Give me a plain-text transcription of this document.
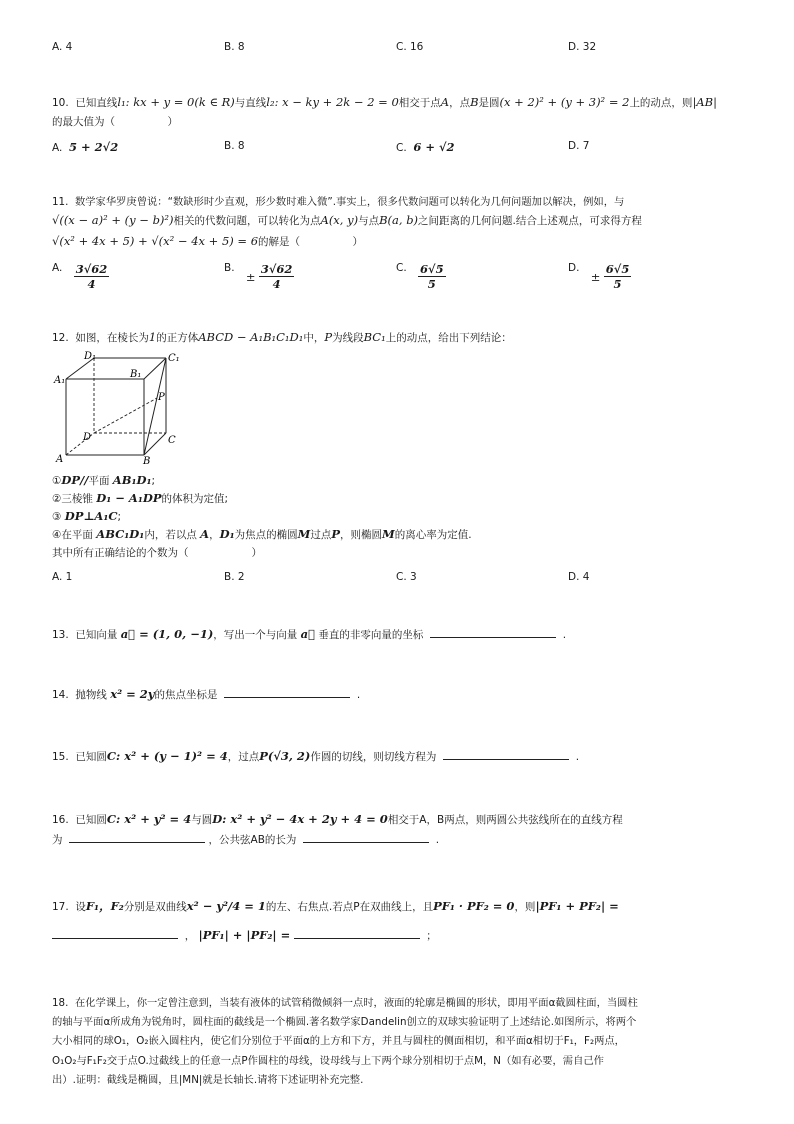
A. 4	B. 8	C. 16	D. 32
10. 已知直线l₁: kx + y = 0(k ∈ R)与直线l₂: x − ky + 2k − 2 = 0相交于点A，点B是圆(x + 2)² + (y + 3)² = 2上的动点，则|AB|
的最大值为（　　　　　）
A. 5 + 2√2	B. 8	C. 6 + √2	D. 7
11. 数学家华罗庚曾说：“数缺形时少直观，形少数时难入微”.事实上，很多代数问题可以转化为几何问题加以解决，例如，与
√((x − a)² + (y − b)²)相关的代数问题，可以转化为点A(x, y)与点B(a, b)之间距离的几何问题.结合上述观点，可求得方程
√(x² + 4x + 5) + √(x² − 4x + 5) = 6的解是（　　　　　）
A. $\frac{3√62}{4}$	B. ± $\frac{3√62}{4}$	C. $\frac{6√5}{5}$	D. ± $\frac{6√5}{5}$
12. 如图，在棱长为1的正方体ABCD − A₁B₁C₁D₁中，P为线段BC₁上的动点，给出下列结论：
D₁	C₁
A₁
B₁
P
D	C
A	B
①DP//平面 AB₁D₁;
②三棱锥 D₁ − A₁DP的体积为定值;
③ DP⊥A₁C;
④在平面 ABC₁D₁内，若以点 A，D₁为焦点的椭圆M过点P，则椭圆M的离心率为定值.
其中所有正确结论的个数为（　　　　　　）
A. 1	B. 2	C. 3	D. 4
13. 已知向量 a⃗ = (1, 0, −1)，写出一个与向量 a⃗ 垂直的非零向量的坐标	.
14. 抛物线 x² = 2y的焦点坐标是	.
15. 已知圆C: x² + (y − 1)² = 4，过点P(√3, 2)作圆的切线，则切线方程为	.
16. 已知圆C: x² + y² = 4与圆D: x² + y² − 4x + 2y + 4 = 0相交于A，B两点，则两圆公共弦线所在的直线方程
为	，公共弦AB的长为	.
17. 设F₁，F₂分别是双曲线x² − y²/4 = 1的左、右焦点.若点P在双曲线上，且PF₁ · PF₂ = 0，则|PF₁ + PF₂| =
， |PF₁| + |PF₂| =	；
18. 在化学课上，你一定曾注意到，当装有液体的试管稍微倾斜一点时，液面的轮廓是椭圆的形状，即用平面α截圆柱面，当圆柱
的轴与平面α所成角为锐角时，圆柱面的截线是一个椭圆.著名数学家Dandelin创立的双球实验证明了上述结论.如图所示，将两个
大小相同的球O₁，O₂嵌入圆柱内，使它们分别位于平面α的上方和下方，并且与圆柱的侧面相切，和平面α相切于F₁，F₂两点，
O₁O₂与F₁F₂交于点O.过截线上的任意一点P作圆柱的母线，设母线与上下两个球分别相切于点M，N（如有必要，需自己作
出）.证明：截线是椭圆，且|MN|就是长轴长.请将下述证明补充完整.
